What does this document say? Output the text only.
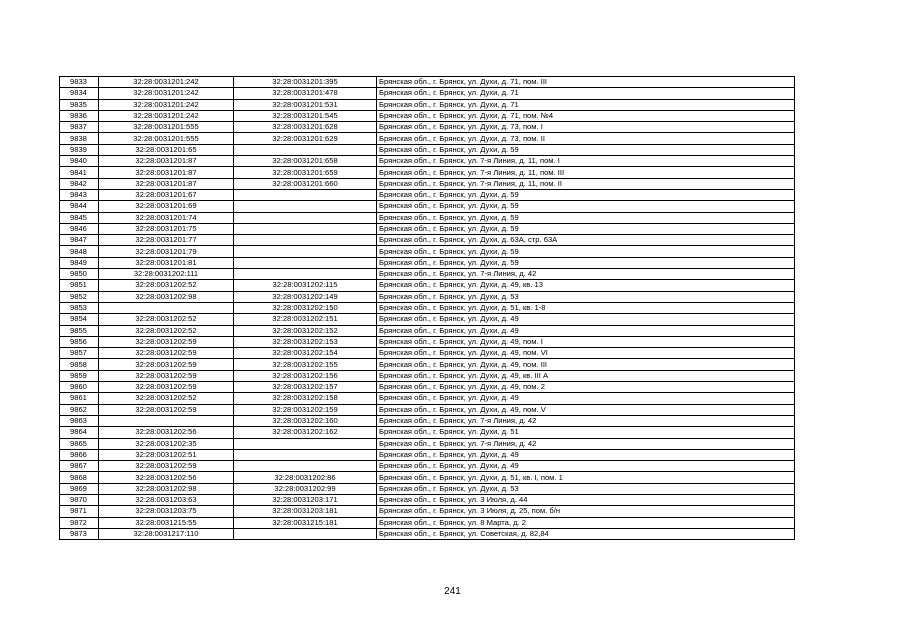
9833	32:28:0031201:242	32:28:0031201:395	Брянская обл., г. Брянск, ул. Духи, д. 71, пом. III
9834	32:28:0031201:242	32:28:0031201:478	Брянская обл., г. Брянск, ул. Духи, д. 71
9835	32:28:0031201:242	32:28:0031201:531	Брянская обл., г. Брянск, ул. Духи, д. 71
9836	32:28:0031201:242	32:28:0031201:545	Брянская обл., г. Брянск, ул. Духи, д. 71, пом. №4
9837	32:28:0031201:555	32:28:0031201:628	Брянская обл., г. Брянск, ул. Духи, д. 73, пом. I
9838	32:28:0031201:555	32:28:0031201:629	Брянская обл., г. Брянск, ул. Духи, д. 73, пом. II
9839	32:28:0031201:65		Брянская обл., г. Брянск, ул. Духи, д. 59
9840	32:28:0031201:87	32:28:0031201:658	Брянская обл., г. Брянск, ул. 7-я Линия, д. 11, пом. I
9841	32:28:0031201:87	32:28:0031201:659	Брянская обл., г. Брянск, ул. 7-я Линия, д. 11, пом. III
9842	32:28:0031201:87	32:28:0031201:660	Брянская обл., г. Брянск, ул. 7-я Линия, д. 11, пом. II
9843	32:28:0031201:67		Брянская обл., г. Брянск, ул. Духи, д. 59
9844	32:28:0031201:69		Брянская обл., г. Брянск, ул. Духи, д. 59
9845	32:28:0031201:74		Брянская обл., г. Брянск, ул. Духи, д. 59
9846	32:28:0031201:75		Брянская обл., г. Брянск, ул. Духи, д. 59
9847	32:28:0031201:77		Брянская обл., г. Брянск, ул. Духи, д. 63А, стр. 63А
9848	32:28:0031201:79		Брянская обл., г. Брянск, ул. Духи, д. 59
9849	32:28:0031201:81		Брянская обл., г. Брянск, ул. Духи, д. 59
9850	32:28:0031202:111		Брянская обл., г. Брянск, ул. 7-я Линия, д. 42
9851	32:28:0031202:52	32:28:0031202:115	Брянская обл., г. Брянск, ул. Духи, д. 49, кв. 13
9852	32:28:0031202:98	32:28:0031202:149	Брянская обл., г. Брянск, ул. Духи, д. 53
9853		32:28:0031202:150	Брянская обл., г. Брянск, ул. Духи, д. 51, кв. 1-8
9854	32:28:0031202:52	32:28:0031202:151	Брянская обл., г. Брянск, ул. Духи, д. 49
9855	32:28:0031202:52	32:28:0031202:152	Брянская обл., г. Брянск, ул. Духи, д. 49
9856	32:28:0031202:59	32:28:0031202:153	Брянская обл., г. Брянск, ул. Духи, д. 49, пом. I
9857	32:28:0031202:59	32:28:0031202:154	Брянская обл., г. Брянск, ул. Духи, д. 49, пом. VI
9858	32:28:0031202:59	32:28:0031202:155	Брянская обл., г. Брянск, ул. Духи, д. 49, пом. III
9859	32:28:0031202:59	32:28:0031202:156	Брянская обл., г. Брянск, ул. Духи, д. 49, кв. III А
9860	32:28:0031202:59	32:28:0031202:157	Брянская обл., г. Брянск, ул. Духи, д. 49, пом. 2
9861	32:28:0031202:52	32:28:0031202:158	Брянская обл., г. Брянск, ул. Духи, д. 49
9862	32:28:0031202:59	32:28:0031202:159	Брянская обл., г. Брянск, ул. Духи, д. 49, пом. V
9863		32:28:0031202:160	Брянская обл., г. Брянск, ул. 7-я Линия, д. 42
9864	32:28:0031202:56	32:28:0031202:162	Брянская обл., г. Брянск, ул. Духи, д. 51
9865	32:28:0031202:35		Брянская обл., г. Брянск, ул. 7-я Линия, д. 42
9866	32:28:0031202:51		Брянская обл., г. Брянск, ул. Духи, д. 49
9867	32:28:0031202:59		Брянская обл., г. Брянск, ул. Духи, д. 49
9868	32:28:0031202:56	32:28:0031202:86	Брянская обл., г. Брянск, ул. Духи, д. 51, кв. I, пом. 1
9869	32:28:0031202:98	32:28:0031202:99	Брянская обл., г. Брянск, ул. Духи, д. 53
9870	32:28:0031203:63	32:28:0031203:171	Брянская обл., г. Брянск, ул. 3 Июля, д. 44
9871	32:28:0031203:75	32:28:0031203:181	Брянская обл., г. Брянск, ул. 3 Июля, д. 25, пом. б/н
9872	32:28:0031215:55	32:28:0031215:181	Брянская обл., г. Брянск, ул. 8 Марта, д. 2
9873	32:28:0031217:110		Брянская обл., г. Брянск, ул. Советская, д. 82,84
241
